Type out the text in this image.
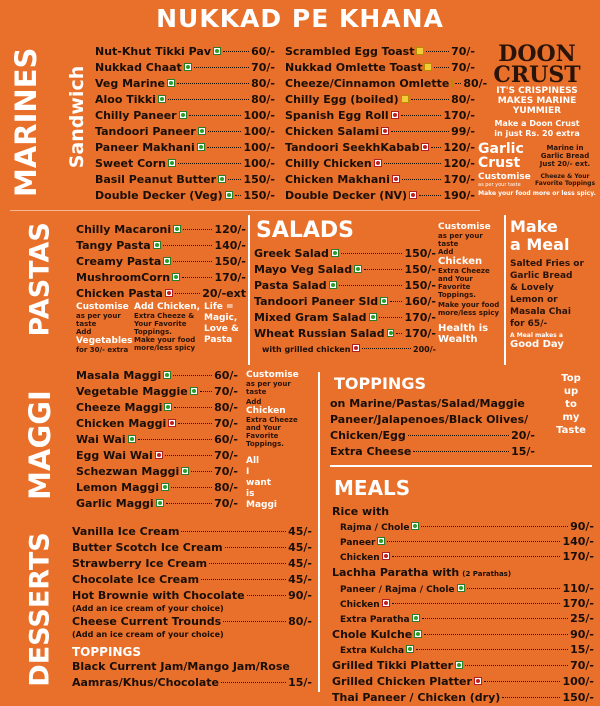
NUKKAD PE KHANA
MARINES Sandwich
Nut-Khut Tikki Pav	60/-
Nukkad Chaat	70/-
Veg Marine	80/-
Aloo Tikki	80/-
Chilly Paneer	100/-
Tandoori Paneer	100/-
Paneer Makhani	100/-
Sweet Corn	100/-
Basil Peanut Butter 150/-
Double Decker (Veg) 150/-
Scrambled Egg Toast	70/-
Nukkad Omlette Toast	70/-
Cheeze/Cinnamon Omlette 80/-
Chilly Egg (boiled)	80/-
Spanish Egg Roll	170/-
Chicken Salami	99/-
Tandoori SeekhKabab 120/-
Chilly Chicken	120/-
Chicken Makhani	170/-
Double Decker (NV)	190/-
DOON
CRUST
IT'S CRISPINESS
MAKES MARINE
YUMMIER
Make a Doon Crust
in just Rs. 20 extra
Garlic
Crust
Marine in Garlic Bread Just 20/- ext.
Customise
as per your taste
Cheeze & Your Favorite Toppings
Make your food more or less spicy.
PASTAS Chilly Macaroni	120/-
Tangy Pasta	140/-
Creamy Pasta	150/-
MushroomCorn	170/-
Chicken Pasta	20/-ext
Customise
as per your taste
Add
Vegetables
for 30/- extra
Add Chicken,
Extra Cheeze & Your Favorite Toppings.
Make your food more/less spicy
Life =
Magic,
Love &
Pasta
SALADS
Greek Salad	150/-
Mayo Veg Salad	150/-
Pasta Salad	150/-
Tandoori Paneer Sld 160/-
Mixed Gram Salad	170/-
Wheat Russian Salad 170/-
with grilled chicken	200/-
Customise
as per your taste
Add
Chicken
Extra Cheeze and Your Favorite Toppings.
Make your food more/less spicy
Health is
Wealth
Make
a Meal
Salted Fries or
Garlic Bread
& Lovely
Lemon or
Masala Chai
for 65/-
A Meal makes a
Good Day
MAGGI
Masala Maggi	60/-
Vegetable Maggie 70/-
Cheeze Maggi	80/-
Chicken Maggi	70/-
Wai Wai	60/-
Egg Wai Wai	70/-
Schezwan Maggi	70/-
Lemon Maggi	80/-
Garlic Maggi	70/-
Customise
as per your taste
Add
Chicken
Extra Cheeze and Your Favorite Toppings.
All
I
want
is
Maggi
TOPPINGS
on Marine/Pastas/Salad/Maggie
Paneer/Jalapenoes/Black Olives/
Chicken/Egg	20/-
Extra Cheese	15/-
Top
up
to
my
Taste
MEALS
Rice with
Rajma / Chole	90/-
Paneer	140/-
Chicken	170/-
Lachha Paratha with (2 Parathas)
Paneer / Rajma / Chole	110/-
Chicken	170/-
Extra Paratha	25/-
Chole Kulche	90/-
Extra Kulcha	15/-
Grilled Tikki Platter	70/-
Grilled Chicken Platter	100/-
Thai Paneer / Chicken (dry)	150/-
DESSERTS
Vanilla Ice Cream	45/-
Butter Scotch Ice Cream	45/-
Strawberry Ice Cream	45/-
Chocolate Ice Cream	45/-
Hot Brownie with Chocolate	90/-
(Add an ice cream of your choice)
Cheese Current Trounds	80/-
(Add an ice cream of your choice)
TOPPINGS
Black Current Jam/Mango Jam/Rose
Aamras/Khus/Chocolate	15/-
